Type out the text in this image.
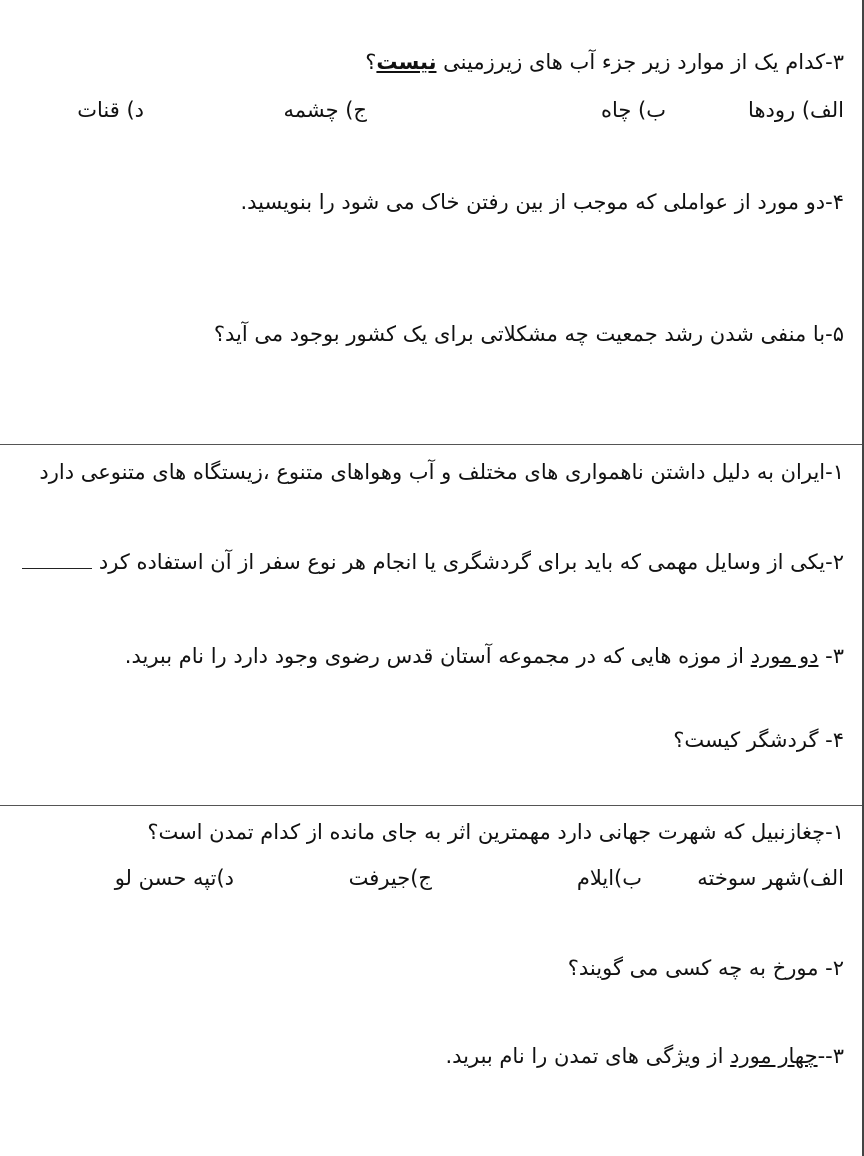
۳-کدام یک از موارد زیر جزء آب های زیرزمینی نیست؟
الف) رودها
ب) چاه
ج) چشمه
د) قنات
۴-دو مورد از عواملی که موجب از بین رفتن خاک می شود را بنویسید.
۵-با منفی شدن رشد جمعیت چه مشکلاتی برای یک کشور بوجود می آید؟
۱-ایران به دلیل داشتن ناهمواری های مختلف و آب وهواهای متنوع ،زیستگاه های متنوعی دارد
۲-یکی از وسایل مهمی که باید برای گردشگری یا انجام هر نوع سفر از آن استفاده کرد
۳- دو مورد از موزه هایی که در مجموعه آستان قدس رضوی وجود دارد را نام ببرید.
۴- گردشگر کیست؟
۱-چغازنبیل که شهرت جهانی دارد مهمترین اثر به جای مانده از کدام تمدن است؟
الف)شهر سوخته
ب)ایلام
ج)جیرفت
د)تپه حسن لو
۲- مورخ به چه کسی می گویند؟
۳--چهار مورد از ویژگی های تمدن را نام ببرید.
